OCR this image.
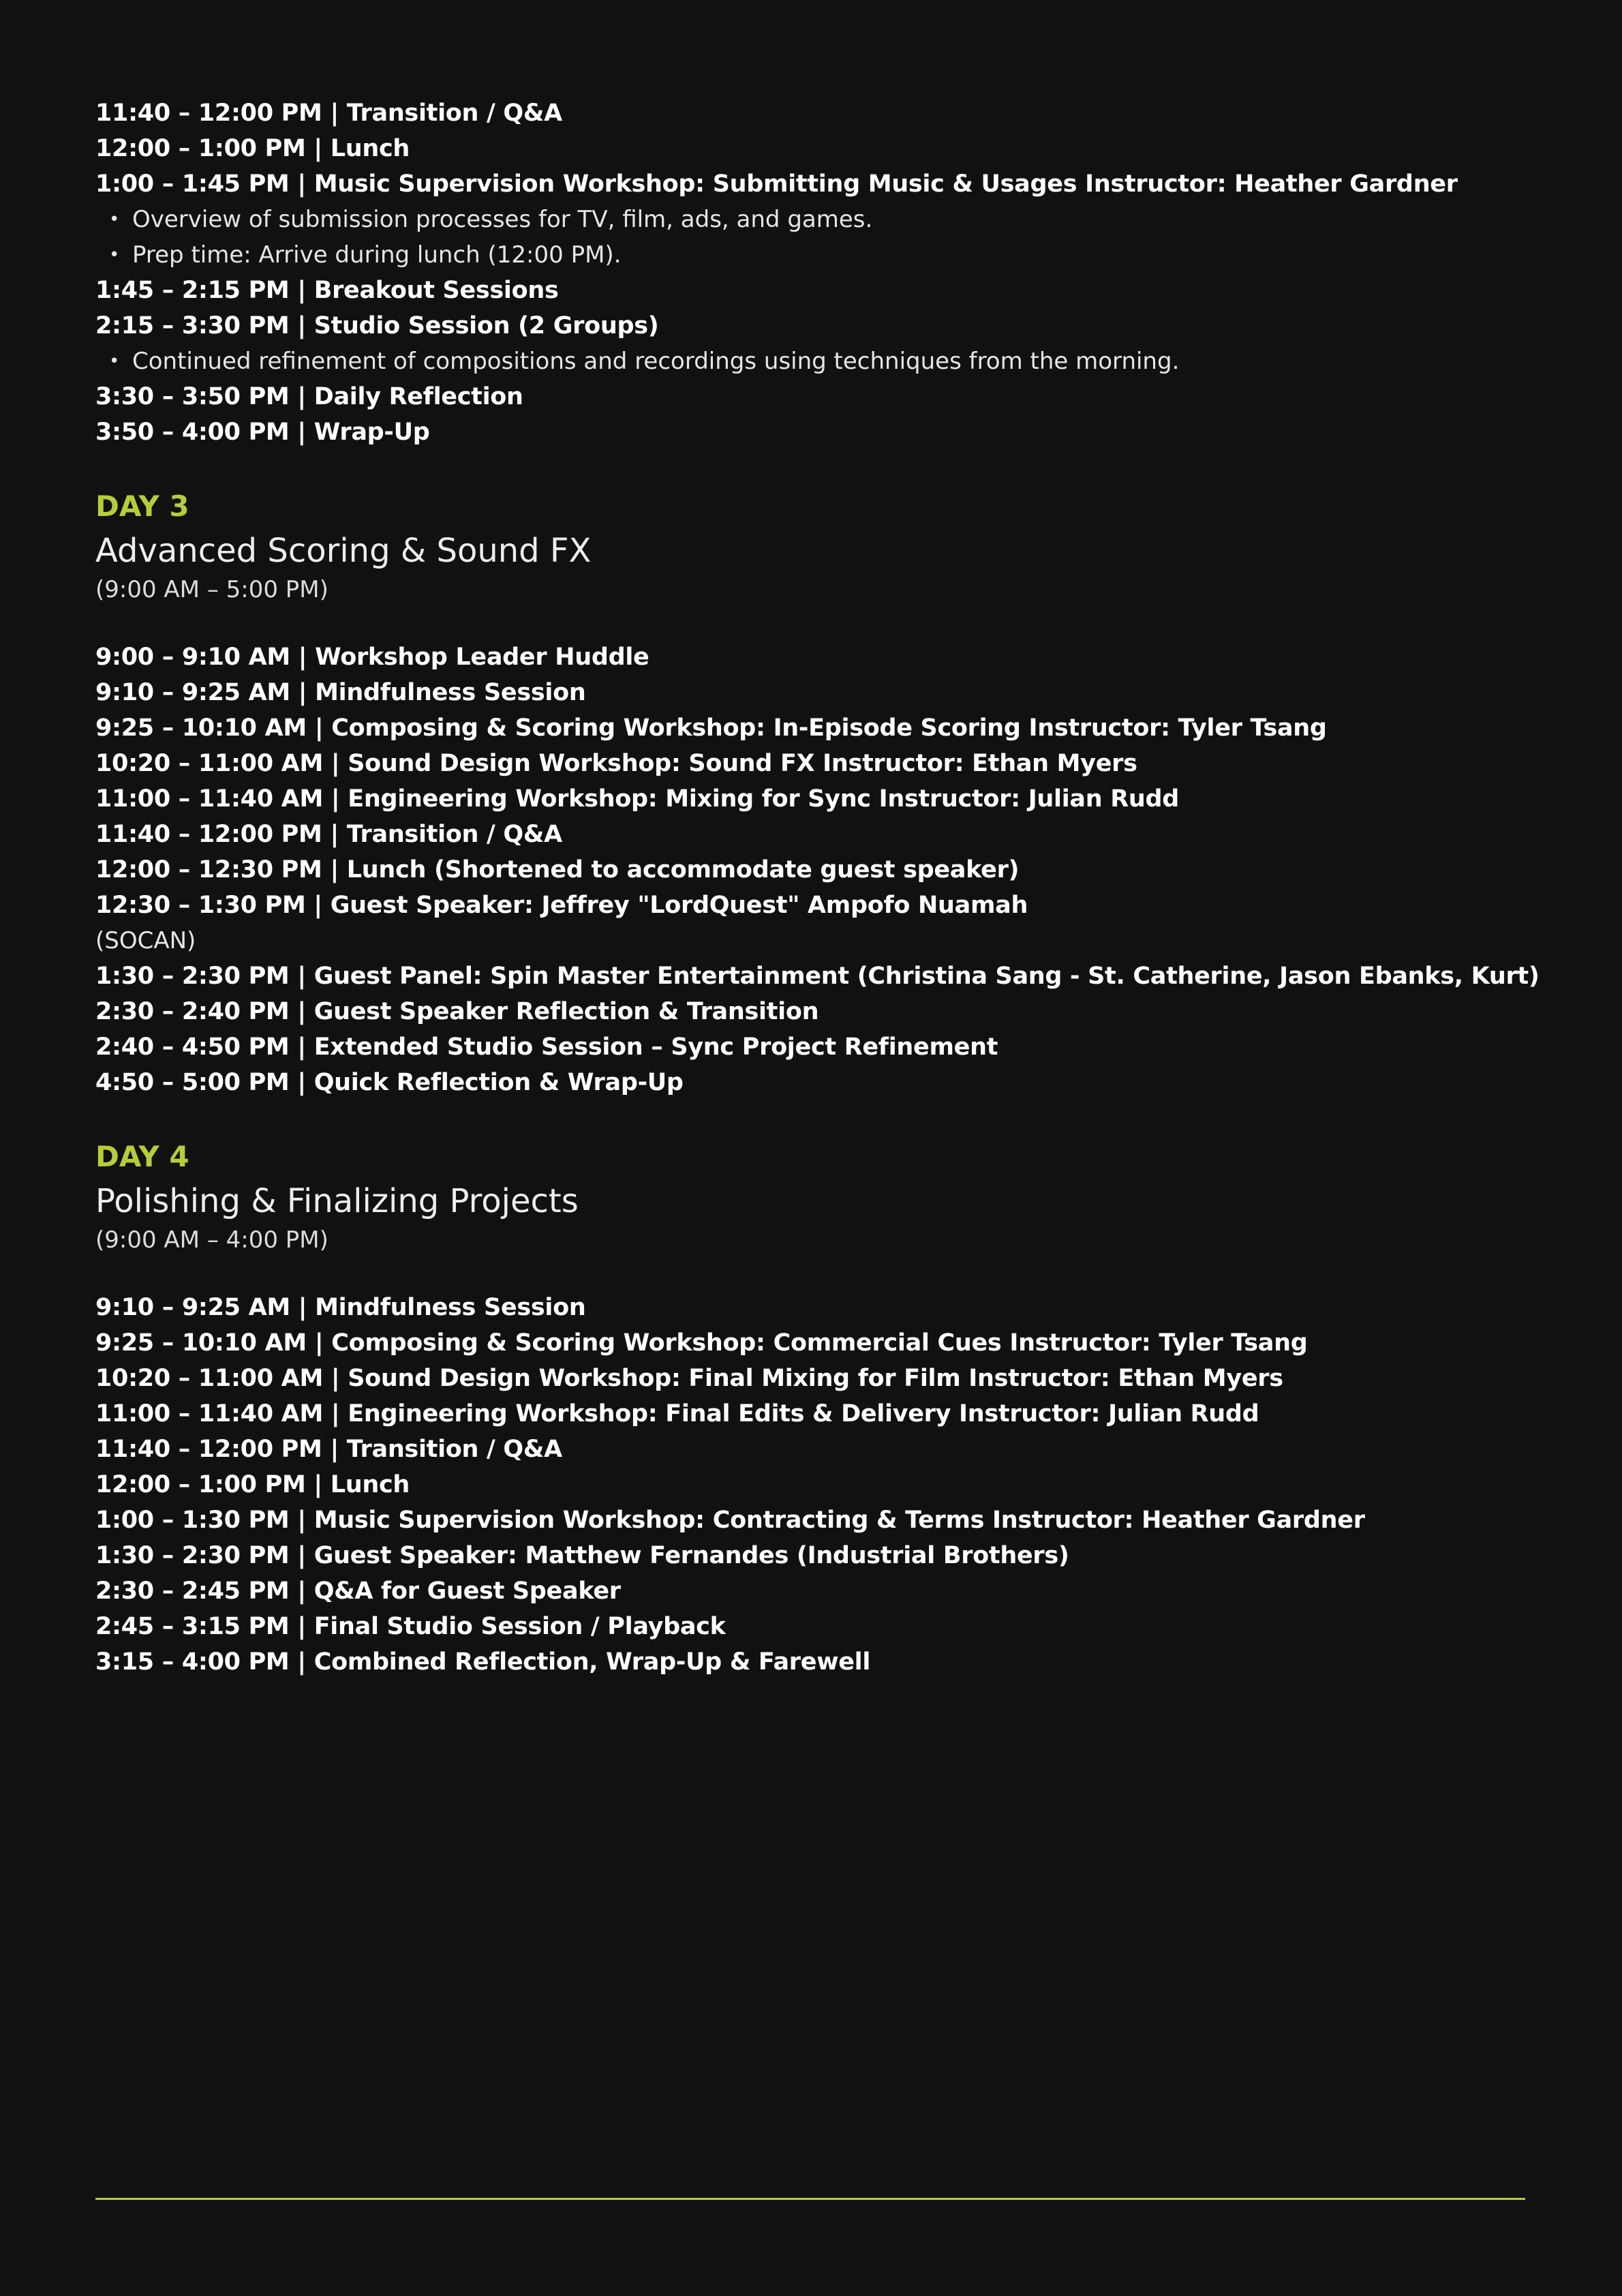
11:40 – 12:00 PM | Transition / Q&A
12:00 – 1:00 PM | Lunch
1:00 – 1:45 PM | Music Supervision Workshop: Submitting Music & Usages Instructor: Heather Gardner
• Overview of submission processes for TV, film, ads, and games.
• Prep time: Arrive during lunch (12:00 PM).
1:45 – 2:15 PM | Breakout Sessions
2:15 – 3:30 PM | Studio Session (2 Groups)
• Continued refinement of compositions and recordings using techniques from the morning.
3:30 – 3:50 PM | Daily Reflection
3:50 – 4:00 PM | Wrap-Up
DAY 3
Advanced Scoring & Sound FX
(9:00 AM – 5:00 PM)
9:00 – 9:10 AM | Workshop Leader Huddle
9:10 – 9:25 AM | Mindfulness Session
9:25 – 10:10 AM | Composing & Scoring Workshop: In-Episode Scoring Instructor: Tyler Tsang
10:20 – 11:00 AM | Sound Design Workshop: Sound FX Instructor: Ethan Myers
11:00 – 11:40 AM | Engineering Workshop: Mixing for Sync Instructor: Julian Rudd
11:40 – 12:00 PM | Transition / Q&A
12:00 – 12:30 PM | Lunch (Shortened to accommodate guest speaker)
12:30 – 1:30 PM | Guest Speaker: Jeffrey "LordQuest" Ampofo Nuamah
(SOCAN)
1:30 – 2:30 PM | Guest Panel: Spin Master Entertainment (Christina Sang - St. Catherine, Jason Ebanks, Kurt)
2:30 – 2:40 PM | Guest Speaker Reflection & Transition
2:40 – 4:50 PM | Extended Studio Session – Sync Project Refinement
4:50 – 5:00 PM | Quick Reflection & Wrap-Up
DAY 4
Polishing & Finalizing Projects
(9:00 AM – 4:00 PM)
9:10 – 9:25 AM | Mindfulness Session
9:25 – 10:10 AM | Composing & Scoring Workshop: Commercial Cues Instructor: Tyler Tsang
10:20 – 11:00 AM | Sound Design Workshop: Final Mixing for Film Instructor: Ethan Myers
11:00 – 11:40 AM | Engineering Workshop: Final Edits & Delivery Instructor: Julian Rudd
11:40 – 12:00 PM | Transition / Q&A
12:00 – 1:00 PM | Lunch
1:00 – 1:30 PM | Music Supervision Workshop: Contracting & Terms Instructor: Heather Gardner
1:30 – 2:30 PM | Guest Speaker: Matthew Fernandes (Industrial Brothers)
2:30 – 2:45 PM | Q&A for Guest Speaker
2:45 – 3:15 PM | Final Studio Session / Playback
3:15 – 4:00 PM | Combined Reflection, Wrap-Up & Farewell
